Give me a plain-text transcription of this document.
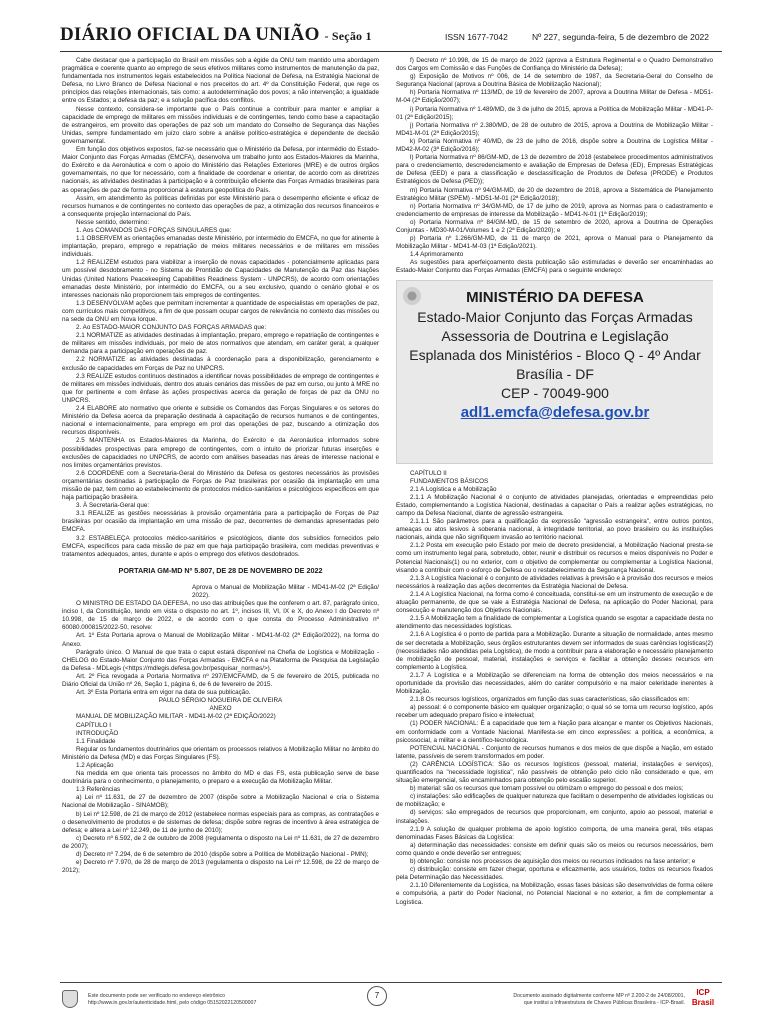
DIÁRIO OFICIAL DA UNIÃO - Seção 1	ISSN 1677-7042	Nº 227, segunda-feira, 5 de dezembro de 2022

Cabe destacar que a participação do Brasil em missões sob a égide da ONU tem mantido uma abordagem pragmática e coerente quanto ao emprego de seus efetivos militares como instrumentos de manutenção da paz, fundamentada nos instrumentos legais estabelecidos na Política Nacional de Defesa, na Estratégia Nacional de Defesa, no Livro Branco de Defesa Nacional e nos preceitos do art. 4º da Constituição Federal, que rege os princípios das relações internacionais, tais como: a autodeterminação dos povos; a não intervenção; a igualdade entre os Estados; a defesa da paz; e a solução pacífica dos conflitos.

Nesse contexto, considera-se importante que o País continue a contribuir para manter e ampliar a capacidade de emprego de militares em missões individuais e de contingentes, tendo como base a capacitação de estrangeiros, em proveito das operações de paz sob um mandato do Conselho de Segurança das Nações Unidas, sempre fundamentado em juízo claro sobre a análise político-estratégica e dependente de decisão governamental.

Em função dos objetivos expostos, faz-se necessário que o Ministério da Defesa, por intermédio do Estado-Maior Conjunto das Forças Armadas (EMCFA), desenvolva um trabalho junto aos Estados-Maiores da Marinha, do Exército e da Aeronáutica e com o apoio do Ministério das Relações Exteriores (MRE) e de outros órgãos governamentais, no que for necessário, com a finalidade de coordenar e orientar, de acordo com as diretrizes nacionais, as atividades destinadas à participação e à contribuição eficiente das Forças Armadas brasileiras para as operações de paz de forma proporcional à estatura geopolítica do País.

Assim, em atendimento às políticas definidas por este Ministério para o desempenho eficiente e eficaz de recursos humanos e de contingentes no contexto das operações de paz, a otimização dos recursos financeiros e a consequente projeção internacional do País.

Nesse sentido, determino:

1. Aos COMANDOS DAS FORÇAS SINGULARES que:

1.1 OBSERVEM as orientações emanadas deste Ministério, por intermédio do EMCFA, no que for atinente à implantação, preparo, emprego e repatriação de meios militares necessários e de militares em missões individuais.

1.2 REALIZEM estudos para viabilizar a inserção de novas capacidades - potencialmente aplicadas para um possível desdobramento - no Sistema de Prontidão de Capacidades de Manutenção da Paz das Nações Unidas (United Nations Peacekeeping Capabilities Readiness System - UNPCRS), de acordo com orientações emanadas deste Ministério, por intermédio do EMCFA, ou a seu exclusivo, quando o cenário global e os interesses nacionais não proporcionem tais empregos de contingentes.

1.3 DESENVOLVAM ações que permitam incrementar a quantidade de especialistas em operações de paz, com currículos mais competitivos, a fim de que possam ocupar cargos de relevância no contexto das missões ou na sede da ONU em Nova Iorque.

2. Ao ESTADO-MAIOR CONJUNTO DAS FORÇAS ARMADAS que:

2.1 NORMATIZE as atividades destinadas à implantação, preparo, emprego e repatriação de contingentes e de militares em missões individuais, por meio de atos normativos que atendam, em caráter geral, a qualquer demanda para a participação em operações de paz.

2.2 NORMATIZE as atividades destinadas à coordenação para a disponibilização, gerenciamento e exclusão de capacidades em Forças de Paz no UNPCRS.

2.3 REALIZE estudos contínuos destinados a identificar novas possibilidades de emprego de contingentes e de militares em missões individuais, dentro dos atuais cenários das missões de paz em curso, ou junto à MRE no que for pertinente e com ênfase às ações prospectivas acerca da geração de forças de paz da ONU no UNPCRS.

2.4 ELABORE ato normativo que oriente e subsidie os Comandos das Forças Singulares e os setores do Ministério da Defesa acerca da preparação destinada à capacitação de recursos humanos e de contingentes, nacional e internacionalmente, para emprego em prol das operações de paz, buscando a otimização dos recursos disponíveis.

2.5 MANTENHA os Estados-Maiores da Marinha, do Exército e da Aeronáutica informados sobre possibilidades prospectivas para emprego de contingentes, com o intuito de priorizar futuras inserções e exclusões de capacidades no UNPCRS, de acordo com análises baseadas nas áreas de interesse nacional e nos limites orçamentários previstos.

2.6 COORDENE com a Secretaria-Geral do Ministério da Defesa os gestores necessários às provisões orçamentárias destinadas à participação de Forças de Paz brasileiras por ocasião da implantação em uma missão de paz, tem como ao estabelecimento de protocolos médico-sanitários e psicológicos específicos em que haja participação brasileira.

3. À Secretaria-Geral que:

3.1 REALIZE as gestões necessárias à provisão orçamentária para a participação de Forças de Paz brasileiras por ocasião da implantação em uma missão de paz, decorrentes de demandas apresentadas pelo EMCFA.

3.2 ESTABELEÇA protocolos médico-sanitários e psicológicos, diante dos subsídios fornecidos pelo EMCFA, específicos para cada missão de paz em que haja participação brasileira, com medidas preventivas e tratamentos adequados, antes, durante e após o emprego dos efetivos desdobrados.

PORTARIA GM-MD Nº 5.807, DE 28 DE NOVEMBRO DE 2022

Aprova o Manual de Mobilização Militar - MD41-M-02 (2ª Edição/ 2022).

O MINISTRO DE ESTADO DA DEFESA, no uso das atribuições que lhe conferem o art. 87, parágrafo único, inciso I, da Constituição, tendo em vista o disposto no art. 1º, incisos III, VI, IX e X, do Anexo I do Decreto nº 10.998, de 15 de março de 2022, e de acordo com o que consta do Processo Administrativo nº 60080.000815/2022-50, resolve:

Art. 1º Esta Portaria aprova o Manual de Mobilização Militar - MD41-M-02 (2ª Edição/2022), na forma do Anexo.

Parágrafo único. O Manual de que trata o caput estará disponível na Chefia de Logística e Mobilização - CHELOG do Estado-Maior Conjunto das Forças Armadas - EMCFA e na Plataforma de Pesquisa da Legislação da Defesa - MDLegis (<https://mdlegis.defesa.gov.br/pesquisar_normas/>).

Art. 2º Fica revogada a Portaria Normativa nº 297/EMCFA/MD, de 5 de fevereiro de 2015, publicada no Diário Oficial da União nº 26, Seção 1, página 6, de 6 de fevereiro de 2015.

Art. 3º Esta Portaria entra em vigor na data de sua publicação.

PAULO SÉRGIO NOGUEIRA DE OLIVEIRA

ANEXO

MANUAL DE MOBILIZAÇÃO MILITAR - MD41-M-02 (2ª EDIÇÃO/2022)

CAPÍTULO I

INTRODUÇÃO

1.1 Finalidade

Regular os fundamentos doutrinários que orientam os processos relativos à Mobilização Militar no âmbito do Ministério da Defesa (MD) e das Forças Singulares (FS).

1.2 Aplicação

Na medida em que orienta tais processos no âmbito do MD e das FS, esta publicação serve de base doutrinária para o conhecimento, o planejamento, o preparo e a execução da Mobilização Militar.

1.3 Referências

a) Lei nº 11.631, de 27 de dezembro de 2007 (dispõe sobre a Mobilização Nacional e cria o Sistema Nacional de Mobilização - SINAMOB);

b) Lei nº 12.598, de 21 de março de 2012 (estabelece normas especiais para as compras, as contratações e o desenvolvimento de produtos e de sistemas de defesa; dispõe sobre regras de incentivo à área estratégica de defesa; e altera a Lei nº 12.249, de 11 de junho de 2010);

c) Decreto nº 6.592, de 2 de outubro de 2008 (regulamenta o disposto na Lei nº 11.631, de 27 de dezembro de 2007);

d) Decreto nº 7.294, de 6 de setembro de 2010 (dispõe sobre a Política de Mobilização Nacional - PMN);

e) Decreto nº 7.970, de 28 de março de 2013 (regulamenta o disposto na Lei nº 12.598, de 22 de março de 2012);

f) Decreto nº 10.998, de 15 de março de 2022 (aprova a Estrutura Regimental e o Quadro Demonstrativo dos Cargos em Comissão e das Funções de Confiança do Ministério da Defesa);

g) Exposição de Motivos nº 006, de 14 de setembro de 1987, da Secretaria-Geral do Conselho de Segurança Nacional (aprova a Doutrina Básica de Mobilização Nacional);

h) Portaria Normativa nº 113/MD, de 19 de fevereiro de 2007, aprova a Doutrina Militar de Defesa - MD51-M-04 (2ª Edição/2007);

i) Portaria Normativa nº 1.489/MD, de 3 de julho de 2015, aprova a Política de Mobilização Militar - MD41-P-01 (2ª Edição/2015);

j) Portaria Normativa nº 2.380/MD, de 28 de outubro de 2015, aprova a Doutrina de Mobilização Militar - MD41-M-01 (2ª Edição/2015);

k) Portaria Normativa nº 40/MD, de 23 de julho de 2016, dispõe sobre a Doutrina de Logística Militar - MD42-M-02 (3ª Edição/2016);

l) Portaria Normativa nº 86/GM-MD, de 13 de dezembro de 2018 (estabelece procedimentos administrativos para o credenciamento, descredenciamento e avaliação de Empresas de Defesa (ED), Empresas Estratégicas de Defesa (EED) e para a classificação e desclassificação de Produtos de Defesa (PRODE) e Produtos Estratégicos de Defesa (PED));

m) Portaria Normativa nº 94/GM-MD, de 20 de dezembro de 2018, aprova a Sistemática de Planejamento Estratégico Militar (SPEM) - MD51-M-01 (2ª Edição/2018);

n) Portaria Normativa nº 34/GM-MD, de 17 de julho de 2019, aprova as Normas para o cadastramento e credenciamento de empresas de interesse da Mobilização - MD41-N-01 (1ª Edição/2019);

o) Portaria Normativa nº 84/GM-MD, de 15 de setembro de 2020, aprova a Doutrina de Operações Conjuntas - MD30-M-01/Volumes 1 e 2 (2ª Edição/2020); e

p) Portaria nº 1.266/GM-MD, de 11 de março de 2021, aprova o Manual para o Planejamento da Mobilização Militar - MD41-M-03 (1ª Edição/2021).

1.4 Aprimoramento

As sugestões para aperfeiçoamento desta publicação são estimuladas e deverão ser encaminhadas ao Estado-Maior Conjunto das Forças Armadas (EMCFA) para o seguinte endereço:

MINISTÉRIO DA DEFESA
Estado-Maior Conjunto das Forças Armadas
Assessoria de Doutrina e Legislação
Esplanada dos Ministérios - Bloco Q - 4º Andar
Brasília - DF
CEP - 70049-900
adl1.emcfa@defesa.gov.br

CAPÍTULO II

FUNDAMENTOS BÁSICOS

2.1 A Logística e a Mobilização

2.1.1 A Mobilização Nacional é o conjunto de atividades planejadas, orientadas e empreendidas pelo Estado, complementando a Logística Nacional, destinadas a capacitar o País a realizar ações estratégicas, no campo da Defesa Nacional, diante de agressão estrangeira.

2.1.1.1 São parâmetros para a qualificação da expressão "agressão estrangeira", entre outros pontos, ameaças ou atos lesivos à soberania nacional, à integridade territorial, ao povo brasileiro ou às instituições nacionais, ainda que não signifiquem invasão ao território nacional.

2.1.2 Posta em execução pelo Estado por meio de decreto presidencial, a Mobilização Nacional presta-se como um instrumento legal para, sobretudo, obter, reunir e distribuir os recursos e meios disponíveis no Poder e Potencial Nacionais(1) ou no exterior, com o objetivo de complementar ou complementar a Logística Nacional, visando a contribuir com o esforço de Defesa ou o restabelecimento da Segurança Nacional.

2.1.3 A Logística Nacional é o conjunto de atividades relativas à previsão e à provisão dos recursos e meios necessários à realização das ações decorrentes da Estratégia Nacional de Defesa.

2.1.4 A Logística Nacional, na forma como é conceituada, constitui-se em um instrumento de execução e de atuação permanente, de que se vale a Estratégia Nacional de Defesa, na aplicação do Poder Nacional, para consecução e manutenção dos Objetivos Nacionais.

2.1.5 A Mobilização tem a finalidade de complementar a Logística quando se esgotar a capacidade desta no atendimento das necessidades logísticas.

2.1.6 A Logística é o ponto de partida para a Mobilização. Durante a situação de normalidade, antes mesmo de ser decretada a Mobilização, seus órgãos estruturantes devem ser informados de suas carências logísticas(2) (necessidades não atendidas pela Logística), de modo a contribuir para a elaboração e necessário planejamento de mobilização de pessoal, material, instalações e serviços e facilitar a obtenção desses recursos em complemento à Logística.

2.1.7 A Logística e a Mobilização se diferenciam na forma de obtenção dos meios necessários e na oportunidade da provisão das necessidades, além do caráter compulsório e na maior celeridade inerentes à Mobilização.

2.1.8 Os recursos logísticos, organizados em função das suas características, são classificados em:

a) pessoal: é o componente básico em qualquer organização; o qual só se torna um recurso logístico, após receber um adequado preparo físico e intelectual;

(1) PODER NACIONAL: É a capacidade que tem a Nação para alcançar e manter os Objetivos Nacionais, em conformidade com a Vontade Nacional. Manifesta-se em cinco expressões: a política, a econômica, a psicossocial, a militar e a científico-tecnológica.

POTENCIAL NACIONAL - Conjunto de recursos humanos e dos meios de que dispõe a Nação, em estado latente, passíveis de serem transformados em poder.

(2) CARÊNCIA LOGÍSTICA: São os recursos logísticos (pessoal, material, instalações e serviços), quantificados na "necessidade logística", não passíveis de obtenção pelo ciclo não considerado e que, em situação emergencial, são encaminhados para obtenção pelo escalão superior.

b) material: são os recursos que tornam possível ou otimizam o emprego do pessoal e dos meios;

c) instalações: são edificações de qualquer natureza que facilitam o desempenho de atividades logísticas ou de mobilização; e

d) serviços: são empregados de recursos que proporcionam, em conjunto, apoio ao pessoal, material e instalações.

2.1.9 A solução de qualquer problema de apoio logístico comporta, de uma maneira geral, três etapas denominadas Fases Básicas da Logística:

a) determinação das necessidades: consiste em definir quais são os meios ou recursos necessários, bem como quando e onde deverão ser entregues;

b) obtenção: consiste nos processos de aquisição dos meios ou recursos indicados na fase anterior; e

c) distribuição: consiste em fazer chegar, oportuna e eficazmente, aos usuários, todos os recursos fixados pela Determinação das Necessidades.

2.1.10 Diferentemente da Logística, na Mobilização, essas fases básicas são desenvolvidas de forma célere e compulsória, a partir do Poder Nacional, no Potencial Nacional e no exterior, a fim de complementar a Logística.

Este documento pode ser verificado no endereço eletrônico
http://www.in.gov.br/autenticidade.html, pelo código 05152022120500007
7	Documento assinado digitalmente conforme MP nº 2.200-2 de 24/08/2001,
que institui a Infraestrutura de Chaves Públicas Brasileira - ICP-Brasil.
ICP Brasil
